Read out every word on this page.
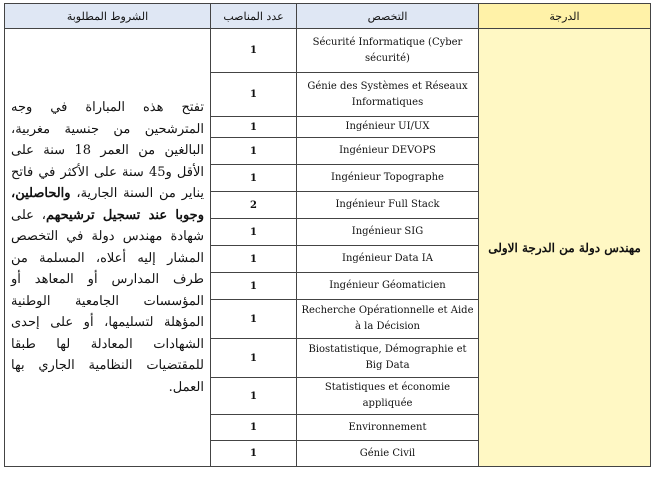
الشروط المطلوبة	عدد المناصب	التخصص	الدرجة
تفتح هذه المباراة في وجه المترشحين من جنسية مغربية، البالغين من العمر 18 سنة على الأقل و45 سنة على الأكثر في فاتح يناير من السنة الجارية، والحاصلين، وجوبا عند تسجيل ترشيحهم، على شهادة مهندس دولة في التخصص المشار إليه أعلاه، المسلمة من طرف المدارس أو المعاهد أو المؤسسات الجامعية الوطنية المؤهلة لتسليمها، أو على إحدى الشهادات المعادلة لها طبقا للمقتضيات النظامية الجاري بها العمل.	1	Sécurité Informatique (Cyber sécurité)	مهندس دولة من الدرجة الاولى
	1	Génie des Systèmes et Réseaux Informatiques	
	1	Ingénieur UI/UX	
	1	Ingénieur DEVOPS	
	1	Ingénieur Topographe	
	2	Ingénieur Full Stack	
	1	Ingénieur SIG	
	1	Ingénieur Data IA	
	1	Ingénieur Géomaticien	
	1	Recherche Opérationnelle et Aide à la Décision	
	1	Biostatistique, Démographie et Big Data	
	1	Statistiques et économie appliquée	
	1	Environnement	
	1	Génie Civil	
